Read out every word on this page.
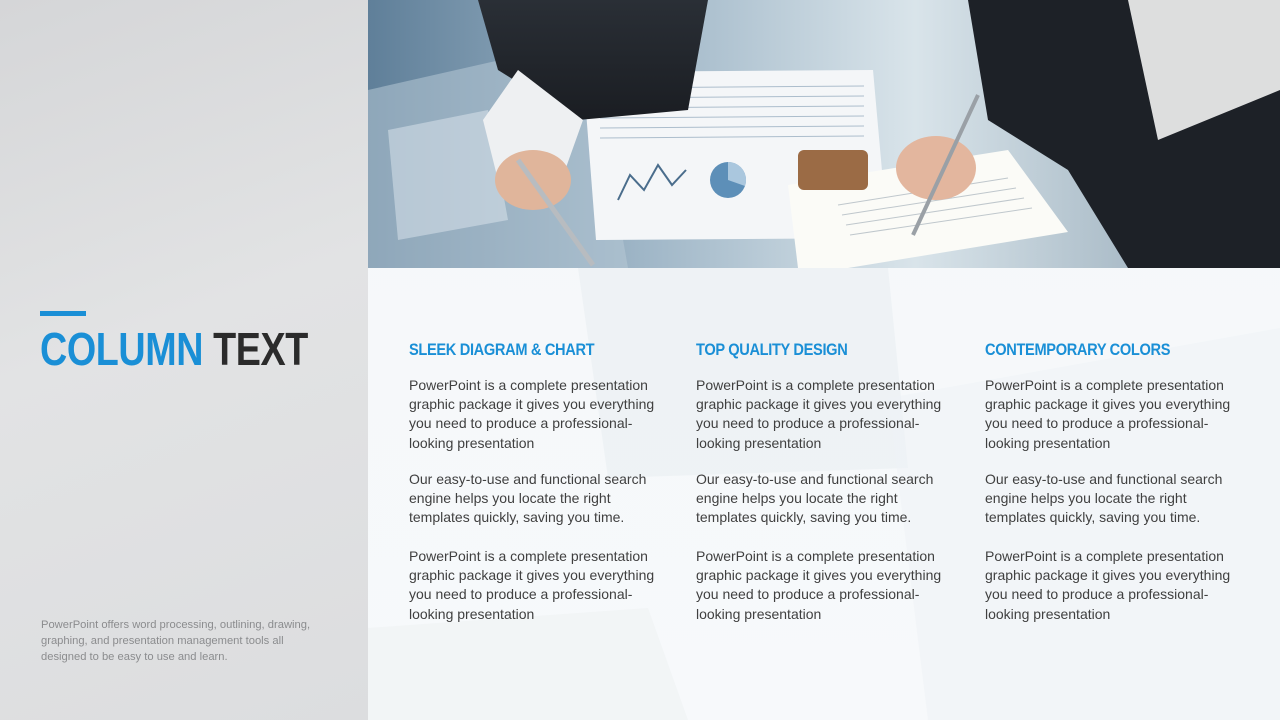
COLUMN TEXT

PowerPoint offers word processing, outlining, drawing, graphing, and presentation management tools all designed to be easy to use and learn.

SLEEK DIAGRAM & CHART

PowerPoint is a complete presentation graphic package it gives you everything you need to produce a professional-looking presentation

Our easy-to-use and functional search engine helps you locate the right templates quickly, saving you time.

PowerPoint is a complete presentation graphic package it gives you everything you need to produce a professional-looking presentation

TOP QUALITY DESIGN

PowerPoint is a complete presentation graphic package it gives you everything you need to produce a professional-looking presentation

Our easy-to-use and functional search engine helps you locate the right templates quickly, saving you time.

PowerPoint is a complete presentation graphic package it gives you everything you need to produce a professional-looking presentation

CONTEMPORARY COLORS

PowerPoint is a complete presentation graphic package it gives you everything you need to produce a professional-looking presentation

Our easy-to-use and functional search engine helps you locate the right templates quickly, saving you time.

PowerPoint is a complete presentation graphic package it gives you everything you need to produce a professional-looking presentation
